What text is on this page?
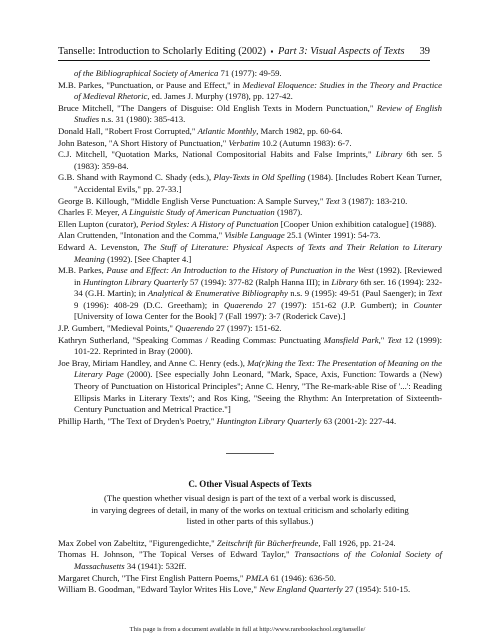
Tanselle: Introduction to Scholarly Editing (2002) ▪ Part 3: Visual Aspects of Texts 39

of the Bibliographical Society of America 71 (1977): 49-59.

M.B. Parkes, "Punctuation, or Pause and Effect," in Medieval Eloquence: Studies in the Theory and Practice of Medieval Rhetoric, ed. James J. Murphy (1978), pp. 127-42.

Bruce Mitchell, "The Dangers of Disguise: Old English Texts in Modern Punctuation," Review of English Studies n.s. 31 (1980): 385-413.

Donald Hall, "Robert Frost Corrupted," Atlantic Monthly, March 1982, pp. 60-64.

John Bateson, "A Short History of Punctuation," Verbatim 10.2 (Autumn 1983): 6-7.

C.J. Mitchell, "Quotation Marks, National Compositorial Habits and False Imprints," Library 6th ser. 5 (1983): 359-84.

G.B. Shand with Raymond C. Shady (eds.), Play-Texts in Old Spelling (1984). [Includes Robert Kean Turner, "Accidental Evils," pp. 27-33.]

George B. Killough, "Middle English Verse Punctuation: A Sample Survey," Text 3 (1987): 183-210.

Charles F. Meyer, A Linguistic Study of American Punctuation (1987).

Ellen Lupton (curator), Period Styles: A History of Punctuation [Cooper Union exhibition catalogue] (1988).

Alan Cruttenden, "Intonation and the Comma," Visible Language 25.1 (Winter 1991): 54-73.

Edward A. Levenston, The Stuff of Literature: Physical Aspects of Texts and Their Relation to Literary Meaning (1992). [See Chapter 4.]

M.B. Parkes, Pause and Effect: An Introduction to the History of Punctuation in the West (1992). [Reviewed in Huntington Library Quarterly 57 (1994): 377-82 (Ralph Hanna III); in Library 6th ser. 16 (1994): 232-34 (G.H. Martin); in Analytical & Enumerative Bibliography n.s. 9 (1995): 49-51 (Paul Saenger); in Text 9 (1996): 408-29 (D.C. Greetham); in Quaerendo 27 (1997): 151-62 (J.P. Gumbert); in Counter [University of Iowa Center for the Book] 7 (Fall 1997): 3-7 (Roderick Cave).]

J.P. Gumbert, "Medieval Points," Quaerendo 27 (1997): 151-62.

Kathryn Sutherland, "Speaking Commas / Reading Commas: Punctuating Mansfield Park," Text 12 (1999): 101-22. Reprinted in Bray (2000).

Joe Bray, Miriam Handley, and Anne C. Henry (eds.), Ma(r)king the Text: The Presentation of Meaning on the Literary Page (2000). [See especially John Leonard, "Mark, Space, Axis, Function: Towards a (New) Theory of Punctuation on Historical Principles"; Anne C. Henry, "The Re-mark-able Rise of '...': Reading Ellipsis Marks in Literary Texts"; and Ros King, "Seeing the Rhythm: An Interpretation of Sixteenth-Century Punctuation and Metrical Practice."]

Phillip Harth, "The Text of Dryden's Poetry," Huntington Library Quarterly 63 (2001-2): 227-44.

C. Other Visual Aspects of Texts

(The question whether visual design is part of the text of a verbal work is discussed,
in varying degrees of detail, in many of the works on textual criticism and scholarly editing
listed in other parts of this syllabus.)

Max Zobel von Zabeltitz, "Figurengedichte," Zeitschrift für Bücherfreunde, Fall 1926, pp. 21-24.

Thomas H. Johnson, "The Topical Verses of Edward Taylor," Transactions of the Colonial Society of Massachusetts 34 (1941): 532ff.

Margaret Church, "The First English Pattern Poems," PMLA 61 (1946): 636-50.

William B. Goodman, "Edward Taylor Writes His Love," New England Quarterly 27 (1954): 510-15.

This page is from a document available in full at http://www.rarebookschool.org/tanselle/
